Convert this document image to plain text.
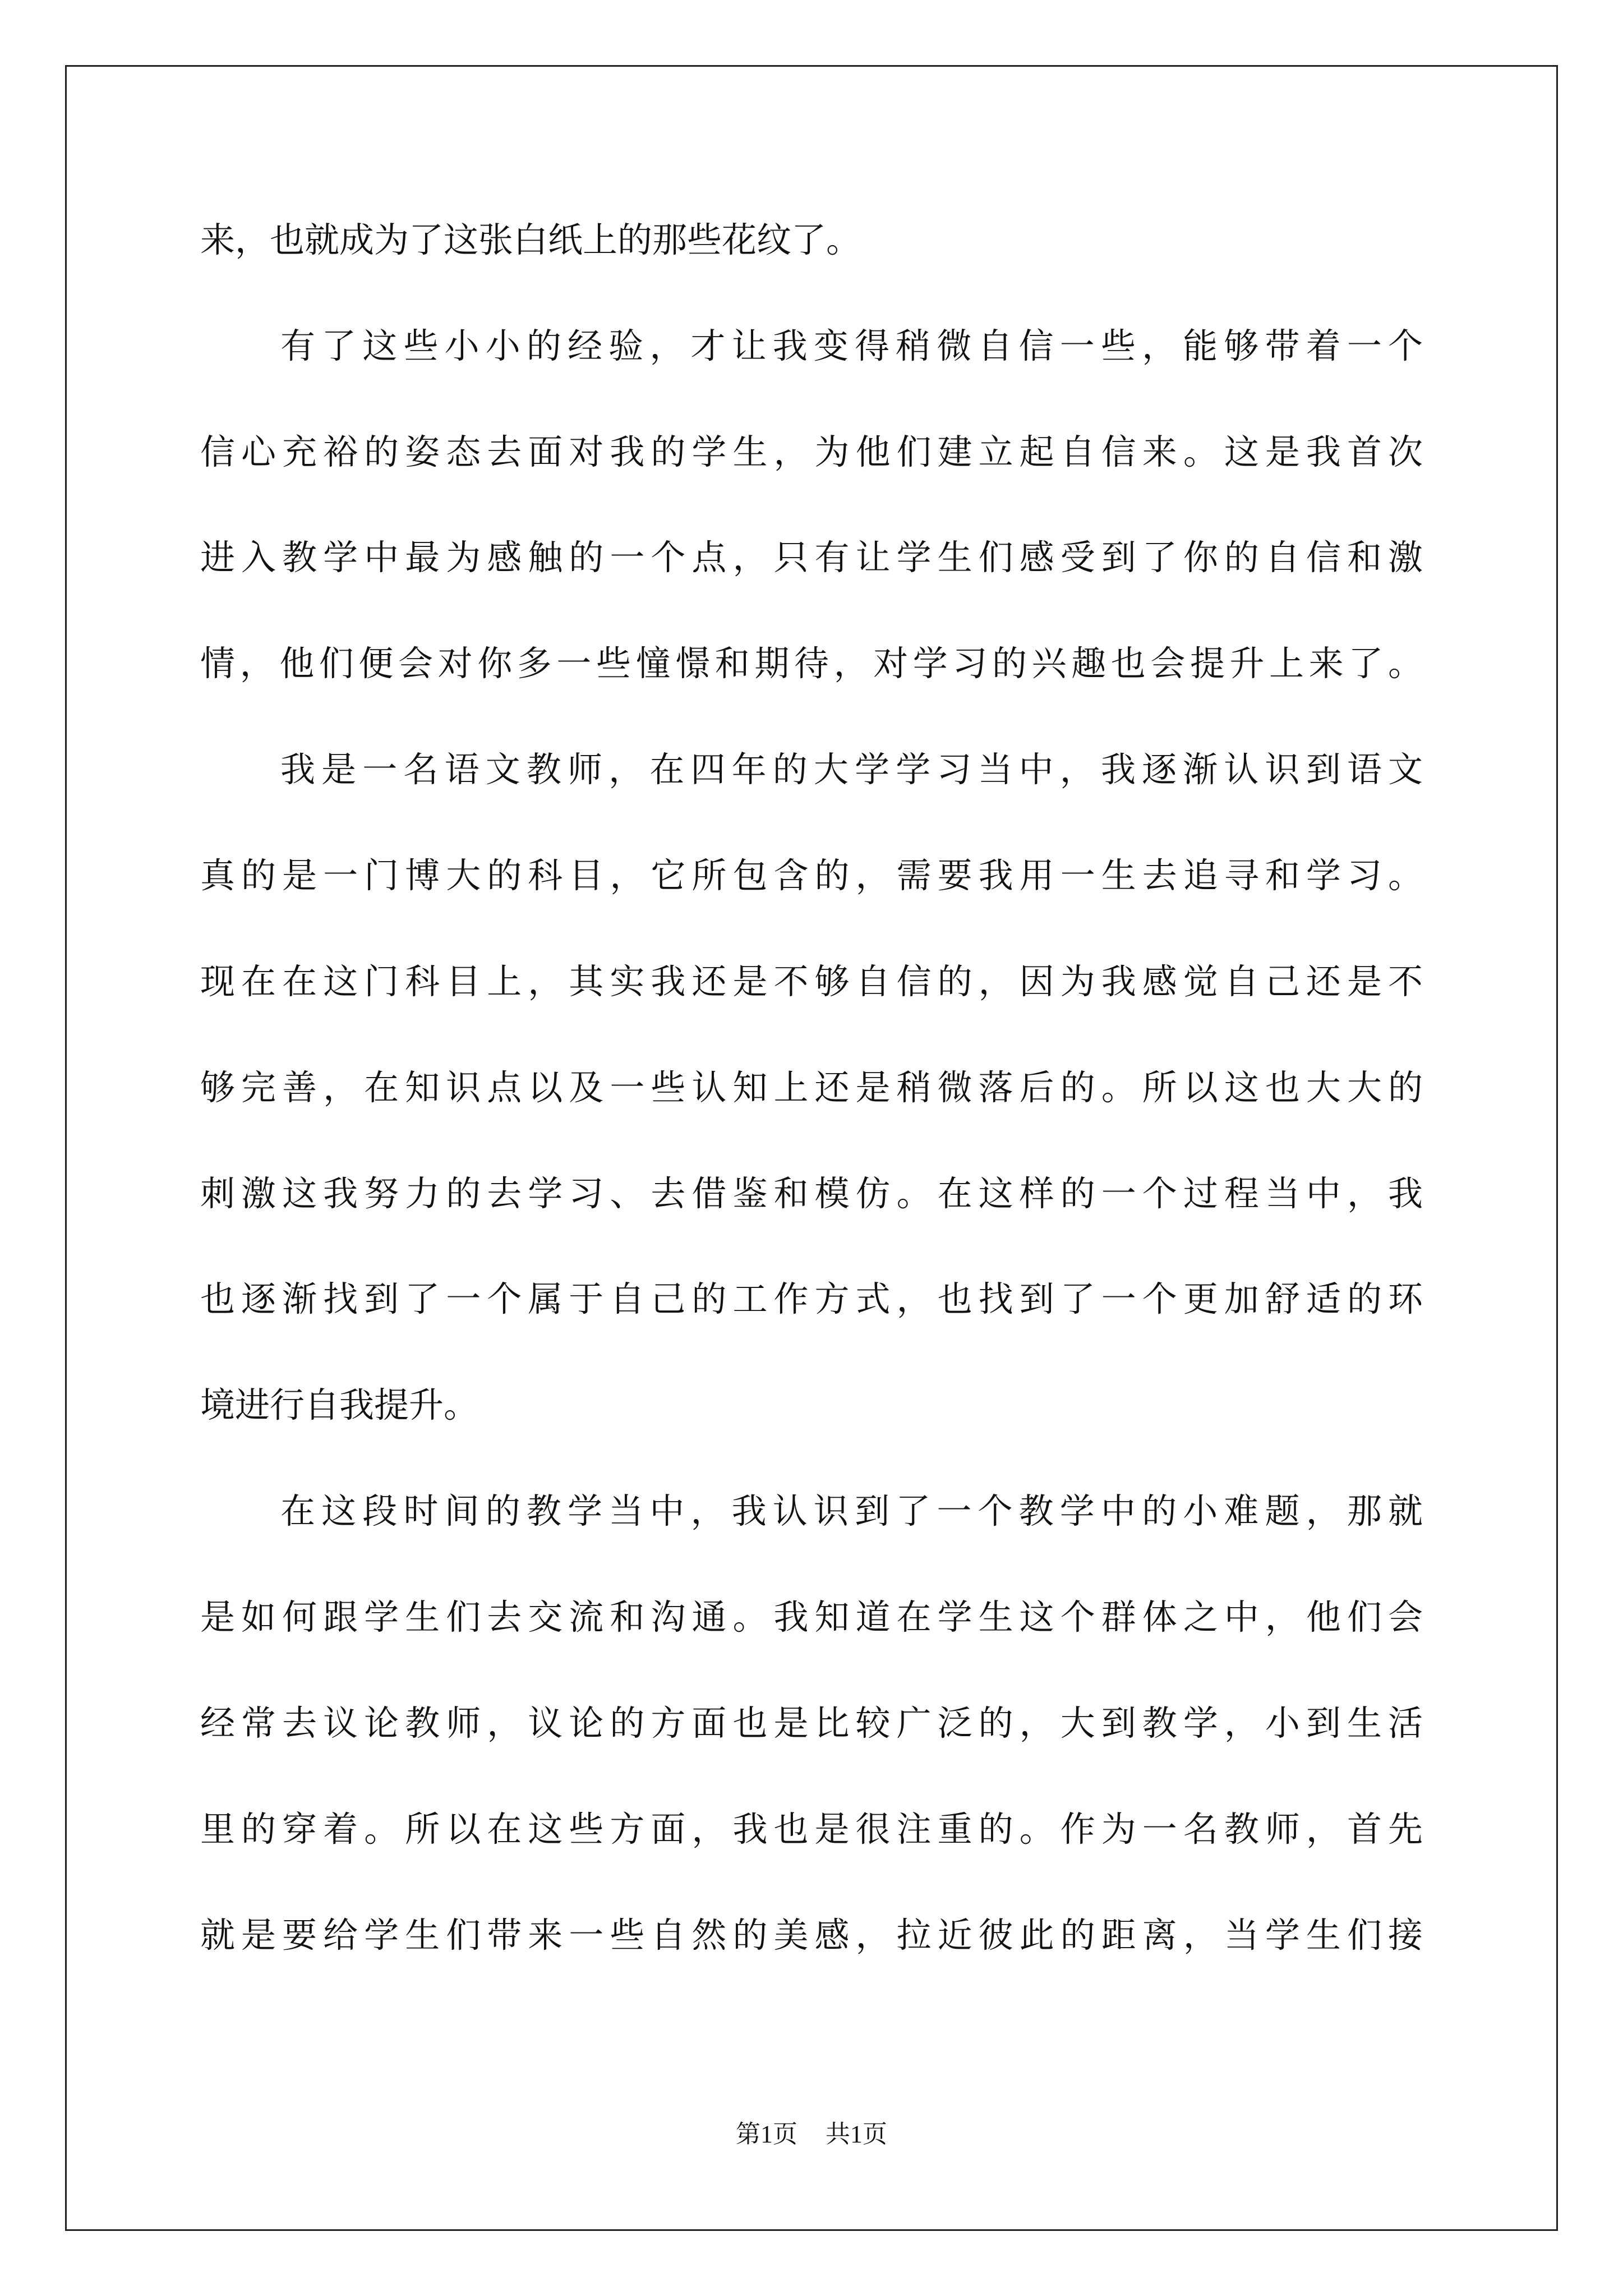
来，也就成为了这张白纸上的那些花纹了。
有了这些小小的经验，才让我变得稍微自信一些，能够带着一个
信心充裕的姿态去面对我的学生，为他们建立起自信来。这是我首次
进入教学中最为感触的一个点，只有让学生们感受到了你的自信和激
情，他们便会对你多一些憧憬和期待，对学习的兴趣也会提升上来了。
我是一名语文教师，在四年的大学学习当中，我逐渐认识到语文
真的是一门博大的科目，它所包含的，需要我用一生去追寻和学习。
现在在这门科目上，其实我还是不够自信的，因为我感觉自己还是不
够完善，在知识点以及一些认知上还是稍微落后的。所以这也大大的
刺激这我努力的去学习、去借鉴和模仿。在这样的一个过程当中，我
也逐渐找到了一个属于自己的工作方式，也找到了一个更加舒适的环
境进行自我提升。
在这段时间的教学当中，我认识到了一个教学中的小难题，那就
是如何跟学生们去交流和沟通。我知道在学生这个群体之中，他们会
经常去议论教师，议论的方面也是比较广泛的，大到教学，小到生活
里的穿着。所以在这些方面，我也是很注重的。作为一名教师，首先
就是要给学生们带来一些自然的美感，拉近彼此的距离，当学生们接
第1页 共1页
